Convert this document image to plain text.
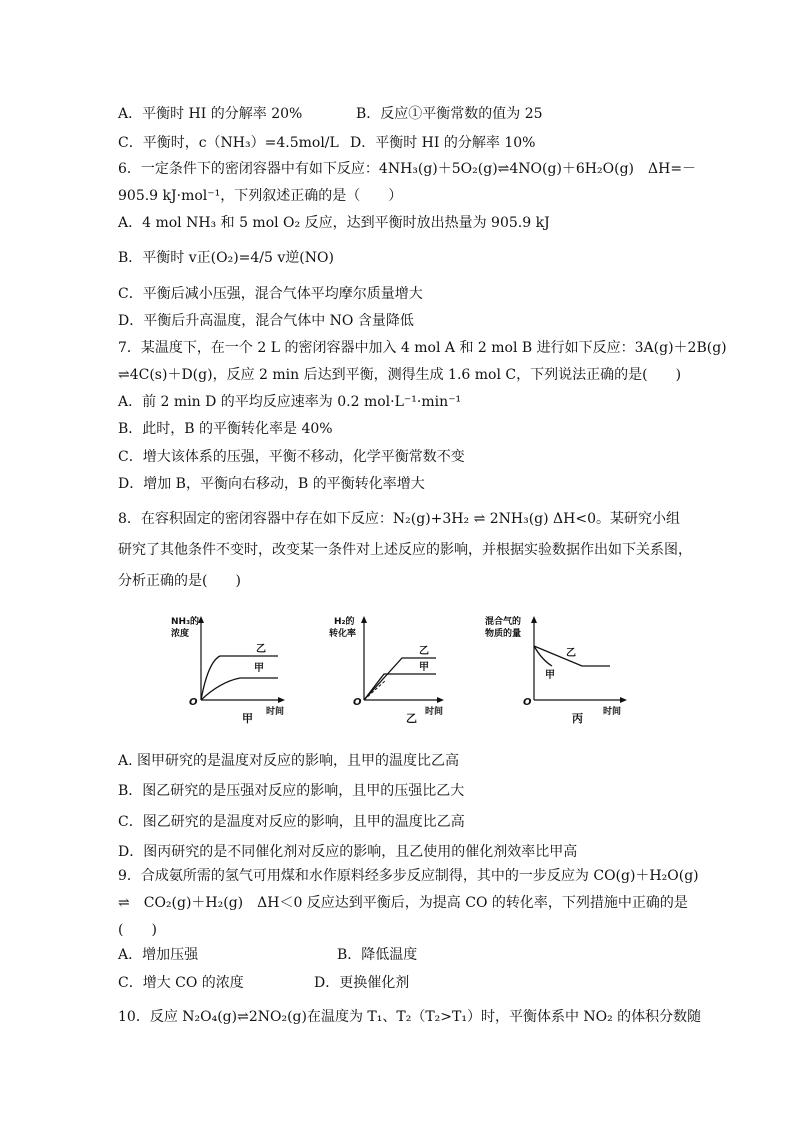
A．平衡时 HI 的分解率 20%	B．反应①平衡常数的值为 25
C．平衡时，c（NH₃）=4.5mol/L D．平衡时 HI 的分解率 10%
6．一定条件下的密闭容器中有如下反应：4NH₃(g)＋5O₂(g)⇌4NO(g)＋6H₂O(g)　ΔH=－
905.9 kJ·mol⁻¹，下列叙述正确的是（　　）
A．4 mol NH₃ 和 5 mol O₂ 反应，达到平衡时放出热量为 905.9 kJ
B．平衡时 v正(O₂)=4/5 v逆(NO)
C．平衡后减小压强，混合气体平均摩尔质量增大
D．平衡后升高温度，混合气体中 NO 含量降低
7．某温度下，在一个 2 L 的密闭容器中加入 4 mol A 和 2 mol B 进行如下反应：3A(g)＋2B(g)
⇌4C(s)＋D(g)，反应 2 min 后达到平衡，测得生成 1.6 mol C，下列说法正确的是(　　)
A．前 2 min D 的平均反应速率为 0.2 mol·L⁻¹·min⁻¹
B．此时，B 的平衡转化率是 40%
C．增大该体系的压强，平衡不移动，化学平衡常数不变
D．增加 B，平衡向右移动，B 的平衡转化率增大
8．在容积固定的密闭容器中存在如下反应：N₂(g)+3H₂ ⇌ 2NH₃(g) ΔH<0。某研究小组
研究了其他条件不变时，改变某一条件对上述反应的影响，并根据实验数据作出如下关系图，
分析正确的是(　　)
NH₃的
浓度
O
乙
甲
时间
甲
H₂的
转化率
O
乙
甲
时间
乙
混合气的
物质的量
O
乙
甲
时间
丙
A. 图甲研究的是温度对反应的影响，且甲的温度比乙高
B．图乙研究的是压强对反应的影响，且甲的压强比乙大
C．图乙研究的是温度对反应的影响，且甲的温度比乙高
D．图丙研究的是不同催化剂对反应的影响，且乙使用的催化剂效率比甲高
9．合成氨所需的氢气可用煤和水作原料经多步反应制得，其中的一步反应为 CO(g)＋H₂O(g)
⇌　CO₂(g)＋H₂(g)　ΔH＜0 反应达到平衡后，为提高 CO 的转化率，下列措施中正确的是
(　　)
A．增加压强	B．降低温度
C．增大 CO 的浓度	D．更换催化剂
10．反应 N₂O₄(g)⇌2NO₂(g)在温度为 T₁、T₂（T₂>T₁）时，平衡体系中 NO₂ 的体积分数随
